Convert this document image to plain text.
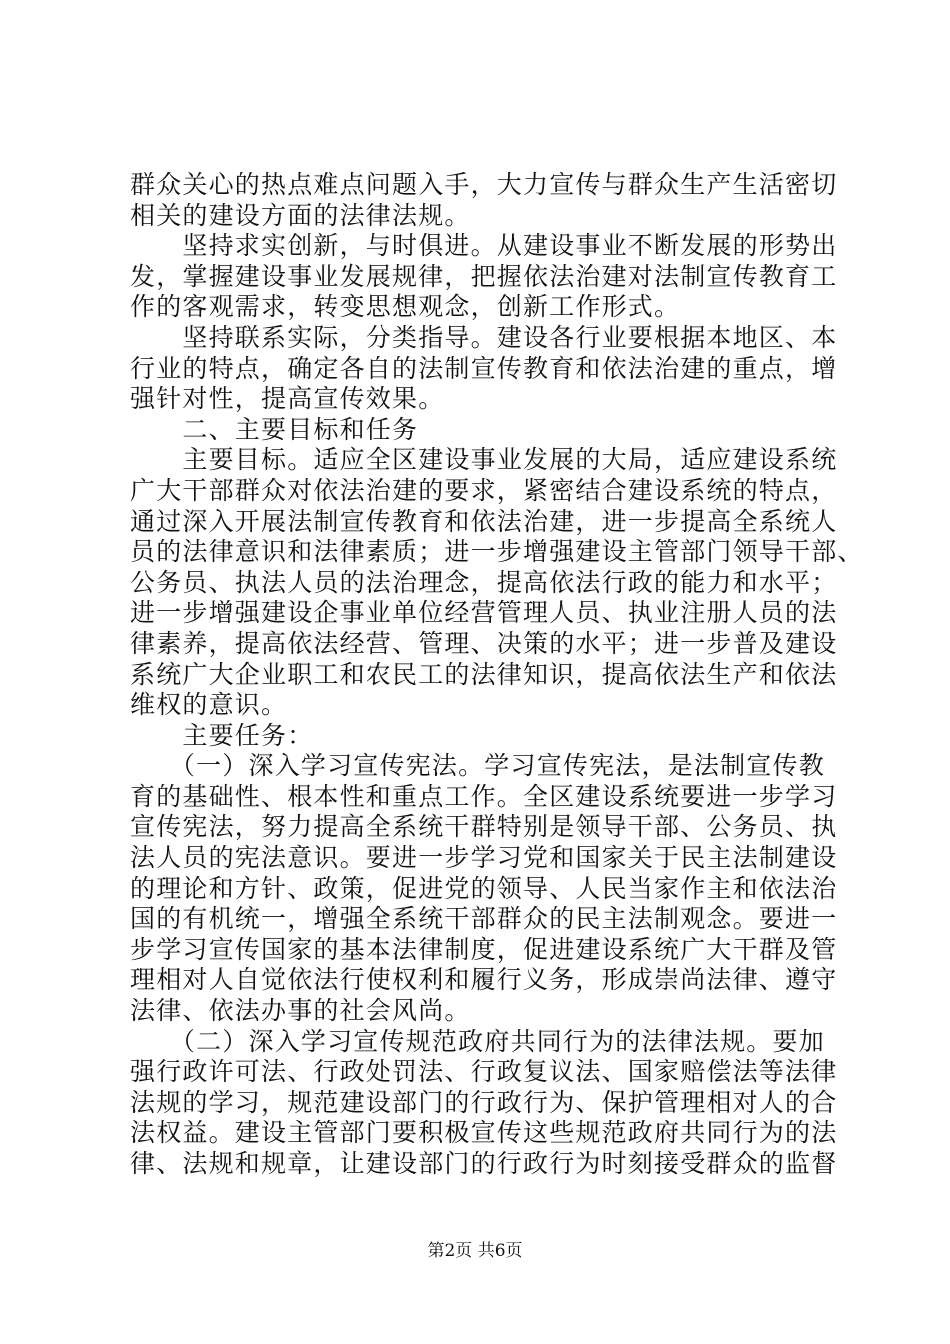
群众关心的热点难点问题入手，大力宣传与群众生产生活密切
相关的建设方面的法律法规。
　　坚持求实创新，与时俱进。从建设事业不断发展的形势出
发，掌握建设事业发展规律，把握依法治建对法制宣传教育工
作的客观需求，转变思想观念，创新工作形式。
　　坚持联系实际，分类指导。建设各行业要根据本地区、本
行业的特点，确定各自的法制宣传教育和依法治建的重点，增
强针对性，提高宣传效果。
　　二、主要目标和任务
　　主要目标。适应全区建设事业发展的大局，适应建设系统
广大干部群众对依法治建的要求，紧密结合建设系统的特点，
通过深入开展法制宣传教育和依法治建，进一步提高全系统人
员的法律意识和法律素质；进一步增强建设主管部门领导干部、
公务员、执法人员的法治理念，提高依法行政的能力和水平；
进一步增强建设企事业单位经营管理人员、执业注册人员的法
律素养，提高依法经营、管理、决策的水平；进一步普及建设
系统广大企业职工和农民工的法律知识，提高依法生产和依法
维权的意识。
　　主要任务：
　　（一）深入学习宣传宪法。学习宣传宪法，是法制宣传教
育的基础性、根本性和重点工作。全区建设系统要进一步学习
宣传宪法，努力提高全系统干群特别是领导干部、公务员、执
法人员的宪法意识。要进一步学习党和国家关于民主法制建设
的理论和方针、政策，促进党的领导、人民当家作主和依法治
国的有机统一，增强全系统干部群众的民主法制观念。要进一
步学习宣传国家的基本法律制度，促进建设系统广大干群及管
理相对人自觉依法行使权利和履行义务，形成崇尚法律、遵守
法律、依法办事的社会风尚。
　　（二）深入学习宣传规范政府共同行为的法律法规。要加
强行政许可法、行政处罚法、行政复议法、国家赔偿法等法律
法规的学习，规范建设部门的行政行为、保护管理相对人的合
法权益。建设主管部门要积极宣传这些规范政府共同行为的法
律、法规和规章，让建设部门的行政行为时刻接受群众的监督
第2页 共6页
